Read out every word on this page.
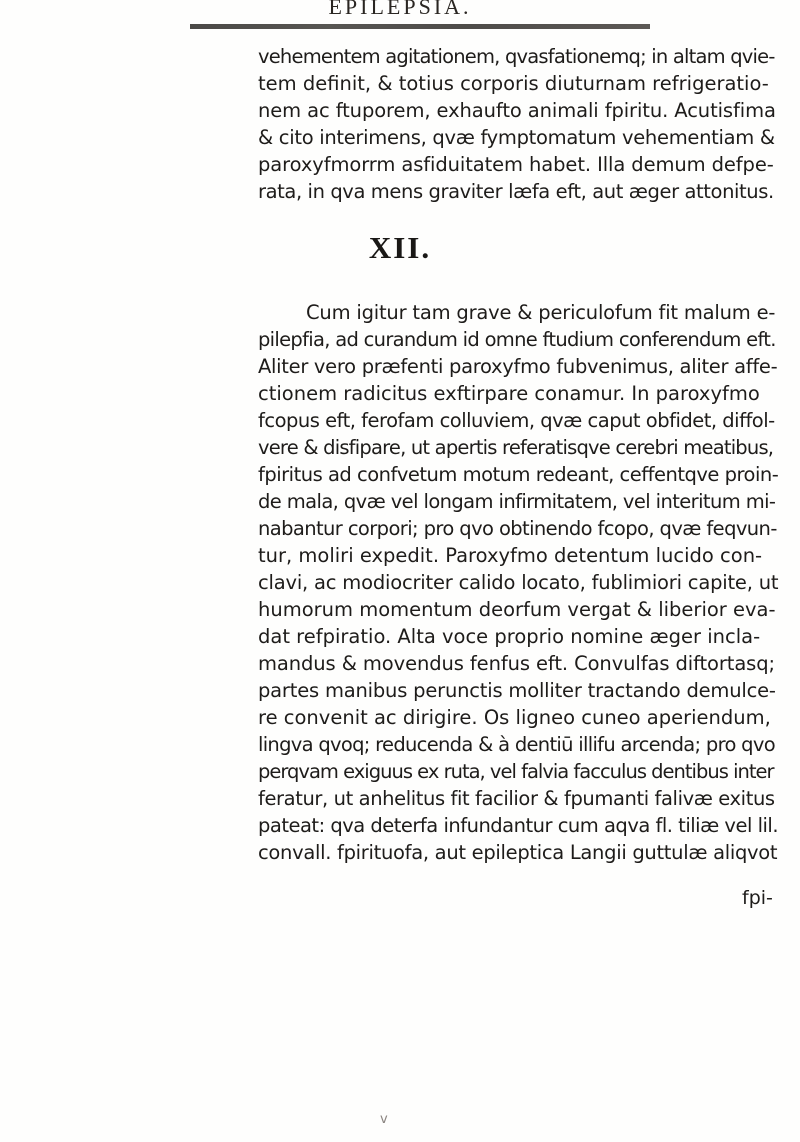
EPILEPSIA.
vehementem agitationem, qvasfationemq; in altam qvie-
tem definit, & totius corporis diuturnam refrigeratio-
nem ac ftuporem, exhaufto animali fpiritu. Acutisfima
& cito interimens, qvæ fymptomatum vehementiam &
paroxyfmorrm asfiduitatem habet. Illa demum defpe-
rata, in qva mens graviter læfa eft, aut æger attonitus.
XII.
Cum igitur tam grave & periculofum fit malum e-
pilepfia, ad curandum id omne ftudium conferendum eft.
Aliter vero præfenti paroxyfmo fubvenimus, aliter affe-
ctionem radicitus exftirpare conamur. In paroxyfmo
fcopus eft, ferofam colluviem, qvæ caput obfidet, diffol-
vere & disfipare, ut apertis referatisqve cerebri meatibus,
fpiritus ad confvetum motum redeant, ceffentqve proin-
de mala, qvæ vel longam infirmitatem, vel interitum mi-
nabantur corpori; pro qvo obtinendo fcopo, qvæ feqvun-
tur, moliri expedit. Paroxyfmo detentum lucido con-
clavi, ac modiocriter calido locato, fublimiori capite, ut
humorum momentum deorfum vergat & liberior eva-
dat refpiratio. Alta voce proprio nomine æger incla-
mandus & movendus fenfus eft. Convulfas diftortasq;
partes manibus perunctis molliter tractando demulce-
re convenit ac dirigire. Os ligneo cuneo aperiendum,
lingva qvoq; reducenda & à dentiū illifu arcenda; pro qvo
perqvam exiguus ex ruta, vel falvia facculus dentibus inter
feratur, ut anhelitus fit facilior & fpumanti falivæ exitus
pateat: qva deterfa infundantur cum aqva fl. tiliæ vel lil.
convall. fpirituofa, aut epileptica Langii guttulæ aliqvot
fpi-
v
